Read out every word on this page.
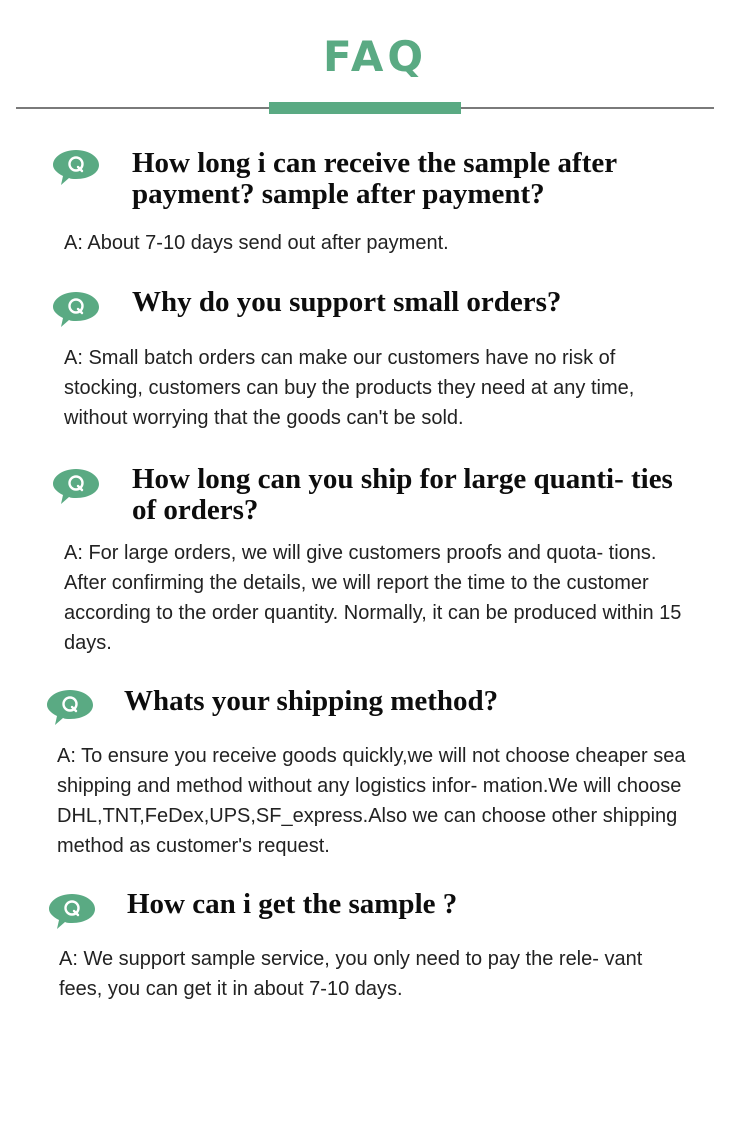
FAQ

How long i can receive the sample after payment? sample after payment?

A: About 7-10 days send out after payment.

Why do you support small orders?

A: Small batch orders can make our customers have no risk of stocking, customers can buy the products they need at any time, without worrying that the goods can't be sold.

How long can you ship for large quanti- ties of orders?

A: For large orders, we will give customers proofs and quota- tions. After confirming the details, we will report the time to the customer according to the order quantity. Normally, it can be produced within 15 days.

Whats your shipping method?

A: To ensure you receive goods quickly,we will not choose cheaper sea shipping and method without any logistics infor- mation.We will choose DHL,TNT,FeDex,UPS,SF_express.Also we can choose other shipping method as customer's request.

How can i get the sample ?

A: We support sample service, you only need to pay the rele- vant fees, you can get it in about 7-10 days.
